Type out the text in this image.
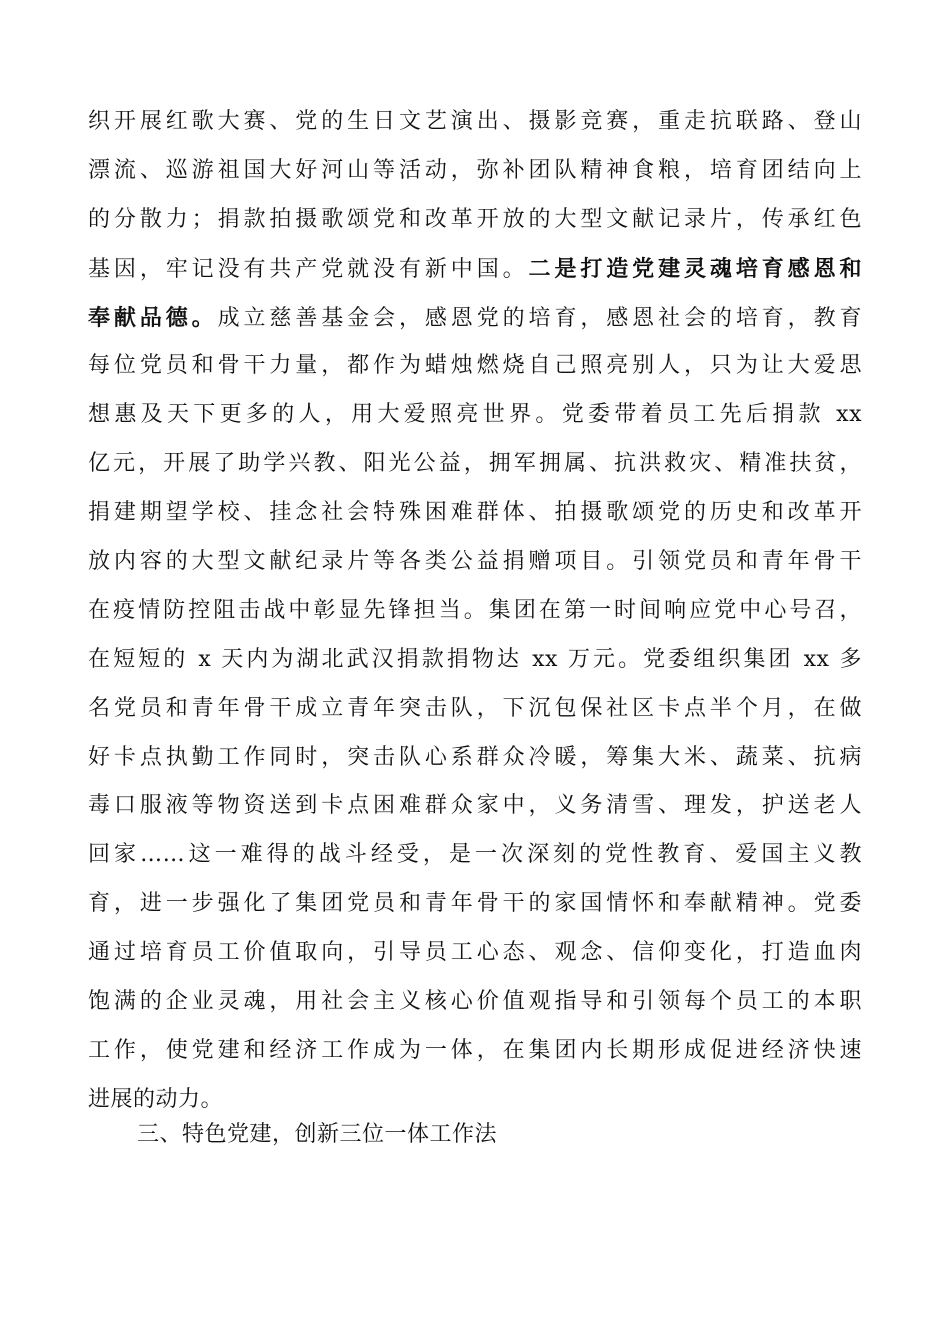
织开展红歌大赛、党的生日文艺演出、摄影竞赛，重走抗联路、登山
漂流、巡游祖国大好河山等活动，弥补团队精神食粮，培育团结向上
的分散力；捐款拍摄歌颂党和改革开放的大型文献记录片，传承红色
基因，牢记没有共产党就没有新中国。二是打造党建灵魂培育感恩和
奉献品德。成立慈善基金会，感恩党的培育，感恩社会的培育，教育
每位党员和骨干力量，都作为蜡烛燃烧自己照亮别人，只为让大爱思
想惠及天下更多的人，用大爱照亮世界。党委带着员工先后捐款 xx
亿元，开展了助学兴教、阳光公益，拥军拥属、抗洪救灾、精准扶贫，
捐建期望学校、挂念社会特殊困难群体、拍摄歌颂党的历史和改革开
放内容的大型文献纪录片等各类公益捐赠项目。引领党员和青年骨干
在疫情防控阻击战中彰显先锋担当。集团在第一时间响应党中心号召，
在短短的 x 天内为湖北武汉捐款捐物达 xx 万元。党委组织集团 xx 多
名党员和青年骨干成立青年突击队，下沉包保社区卡点半个月，在做
好卡点执勤工作同时，突击队心系群众冷暖，筹集大米、蔬菜、抗病
毒口服液等物资送到卡点困难群众家中，义务清雪、理发，护送老人
回家……这一难得的战斗经受，是一次深刻的党性教育、爱国主义教
育，进一步强化了集团党员和青年骨干的家国情怀和奉献精神。党委
通过培育员工价值取向，引导员工心态、观念、信仰变化，打造血肉
饱满的企业灵魂，用社会主义核心价值观指导和引领每个员工的本职
工作，使党建和经济工作成为一体，在集团内长期形成促进经济快速
进展的动力。
三、特色党建，创新三位一体工作法
